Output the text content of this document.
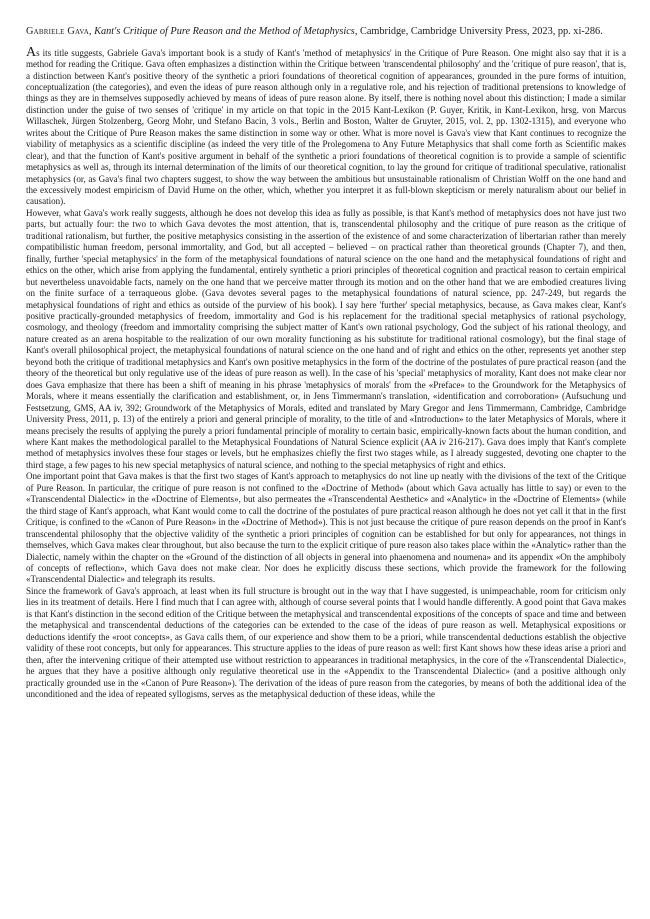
Gabriele Gava, Kant's Critique of Pure Reason and the Method of Metaphysics, Cambridge, Cambridge University Press, 2023, pp. xi-286.

As its title suggests, Gabriele Gava's important book is a study of Kant's 'method of metaphysics' in the Critique of Pure Reason. One might also say that it is a method for reading the Critique. Gava often emphasizes a distinction within the Critique between 'transcendental philosophy' and the 'critique of pure reason', that is, a distinction between Kant's positive theory of the synthetic a priori foundations of theoretical cognition of appearances, grounded in the pure forms of intuition, conceptualization (the categories), and even the ideas of pure reason although only in a regulative role, and his rejection of traditional pretensions to knowledge of things as they are in themselves supposedly achieved by means of ideas of pure reason alone. By itself, there is nothing novel about this distinction; I made a similar distinction under the guise of two senses of 'critique' in my article on that topic in the 2015 Kant-Lexikon (P. Guyer, Kritik, in Kant-Lexikon, hrsg. von Marcus Willaschek, Jürgen Stolzenberg, Georg Mohr, und Stefano Bacin, 3 vols., Berlin and Boston, Walter de Gruyter, 2015, vol. 2, pp. 1302-1315), and everyone who writes about the Critique of Pure Reason makes the same distinction in some way or other. What is more novel is Gava's view that Kant continues to recognize the viability of metaphysics as a scientific discipline (as indeed the very title of the Prolegomena to Any Future Metaphysics that shall come forth as Scientific makes clear), and that the function of Kant's positive argument in behalf of the synthetic a priori foundations of theoretical cognition is to provide a sample of scientific metaphysics as well as, through its internal determination of the limits of our theoretical cognition, to lay the ground for critique of traditional speculative, rationalist metaphysics (or, as Gava's final two chapters suggest, to show the way between the ambitious but unsustainable rationalism of Christian Wolff on the one hand and the excessively modest empiricism of David Hume on the other, which, whether you interpret it as full-blown skepticism or merely naturalism about our belief in causation).

However, what Gava's work really suggests, although he does not develop this idea as fully as possible, is that Kant's method of metaphysics does not have just two parts, but actually four: the two to which Gava devotes the most attention, that is, transcendental philosophy and the critique of pure reason as the critique of traditional rationalism, but further, the positive metaphysics consisting in the assertion of the existence of and some characterization of libertarian rather than merely compatibilistic human freedom, personal immortality, and God, but all accepted – believed – on practical rather than theoretical grounds (Chapter 7), and then, finally, further 'special metaphysics' in the form of the metaphysical foundations of natural science on the one hand and the metaphysical foundations of right and ethics on the other, which arise from applying the fundamental, entirely synthetic a priori principles of theoretical cognition and practical reason to certain empirical but nevertheless unavoidable facts, namely on the one hand that we perceive matter through its motion and on the other hand that we are embodied creatures living on the finite surface of a terraqueous globe. (Gava devotes several pages to the metaphysical foundations of natural science, pp. 247-249, but regards the metaphysical foundations of right and ethics as outside of the purview of his book). I say here 'further' special metaphysics, because, as Gava makes clear, Kant's positive practically-grounded metaphysics of freedom, immortality and God is his replacement for the traditional special metaphysics of rational psychology, cosmology, and theology (freedom and immortality comprising the subject matter of Kant's own rational psychology, God the subject of his rational theology, and nature created as an arena hospitable to the realization of our own morality functioning as his substitute for traditional rational cosmology), but the final stage of Kant's overall philosophical project, the metaphysical foundations of natural science on the one hand and of right and ethics on the other, represents yet another step beyond both the critique of traditional metaphysics and Kant's own positive metaphysics in the form of the doctrine of the postulates of pure practical reason (and the theory of the theoretical but only regulative use of the ideas of pure reason as well). In the case of his 'special' metaphysics of morality, Kant does not make clear nor does Gava emphasize that there has been a shift of meaning in his phrase 'metaphysics of morals' from the «Preface» to the Groundwork for the Metaphysics of Morals, where it means essentially the clarification and establishment, or, in Jens Timmermann's translation, «identification and corroboration» (Aufsuchung und Festsetzung, GMS, AA iv, 392; Groundwork of the Metaphysics of Morals, edited and translated by Mary Gregor and Jens Timmermann, Cambridge, Cambridge University Press, 2011, p. 13) of the entirely a priori and general principle of morality, to the title of and «Introduction» to the later Metaphysics of Morals, where it means precisely the results of applying the purely a priori fundamental principle of morality to certain basic, empirically-known facts about the human condition, and where Kant makes the methodological parallel to the Metaphysical Foundations of Natural Science explicit (AA iv 216-217). Gava does imply that Kant's complete method of metaphysics involves these four stages or levels, but he emphasizes chiefly the first two stages while, as I already suggested, devoting one chapter to the third stage, a few pages to his new special metaphysics of natural science, and nothing to the special metaphysics of right and ethics.

One important point that Gava makes is that the first two stages of Kant's approach to metaphysics do not line up neatly with the divisions of the text of the Critique of Pure Reason. In particular, the critique of pure reason is not confined to the «Doctrine of Method» (about which Gava actually has little to say) or even to the «Transcendental Dialectic» in the «Doctrine of Elements», but also permeates the «Transcendental Aesthetic» and «Analytic» in the «Doctrine of Elements» (while the third stage of Kant's approach, what Kant would come to call the doctrine of the postulates of pure practical reason although he does not yet call it that in the first Critique, is confined to the «Canon of Pure Reason» in the «Doctrine of Method»). This is not just because the critique of pure reason depends on the proof in Kant's transcendental philosophy that the objective validity of the synthetic a priori principles of cognition can be established for but only for appearances, not things in themselves, which Gava makes clear throughout, but also because the turn to the explicit critique of pure reason also takes place within the «Analytic» rather than the Dialectic, namely within the chapter on the «Ground of the distinction of all objects in general into phaenomena and noumena» and its appendix «On the amphiboly of concepts of reflection», which Gava does not make clear. Nor does he explicitly discuss these sections, which provide the framework for the following «Transcendental Dialectic» and telegraph its results.

Since the framework of Gava's approach, at least when its full structure is brought out in the way that I have suggested, is unimpeachable, room for criticism only lies in its treatment of details. Here I find much that I can agree with, although of course several points that I would handle differently. A good point that Gava makes is that Kant's distinction in the second edition of the Critique between the metaphysical and transcendental expositions of the concepts of space and time and between the metaphysical and transcendental deductions of the categories can be extended to the case of the ideas of pure reason as well. Metaphysical expositions or deductions identify the «root concepts», as Gava calls them, of our experience and show them to be a priori, while transcendental deductions establish the objective validity of these root concepts, but only for appearances. This structure applies to the ideas of pure reason as well: first Kant shows how these ideas arise a priori and then, after the intervening critique of their attempted use without restriction to appearances in traditional metaphysics, in the core of the «Transcendental Dialectic», he argues that they have a positive although only regulative theoretical use in the «Appendix to the Transcendental Dialectic» (and a positive although only practically grounded use in the «Canon of Pure Reason»). The derivation of the ideas of pure reason from the categories, by means of both the additional idea of the unconditioned and the idea of repeated syllogisms, serves as the metaphysical deduction of these ideas, while the
